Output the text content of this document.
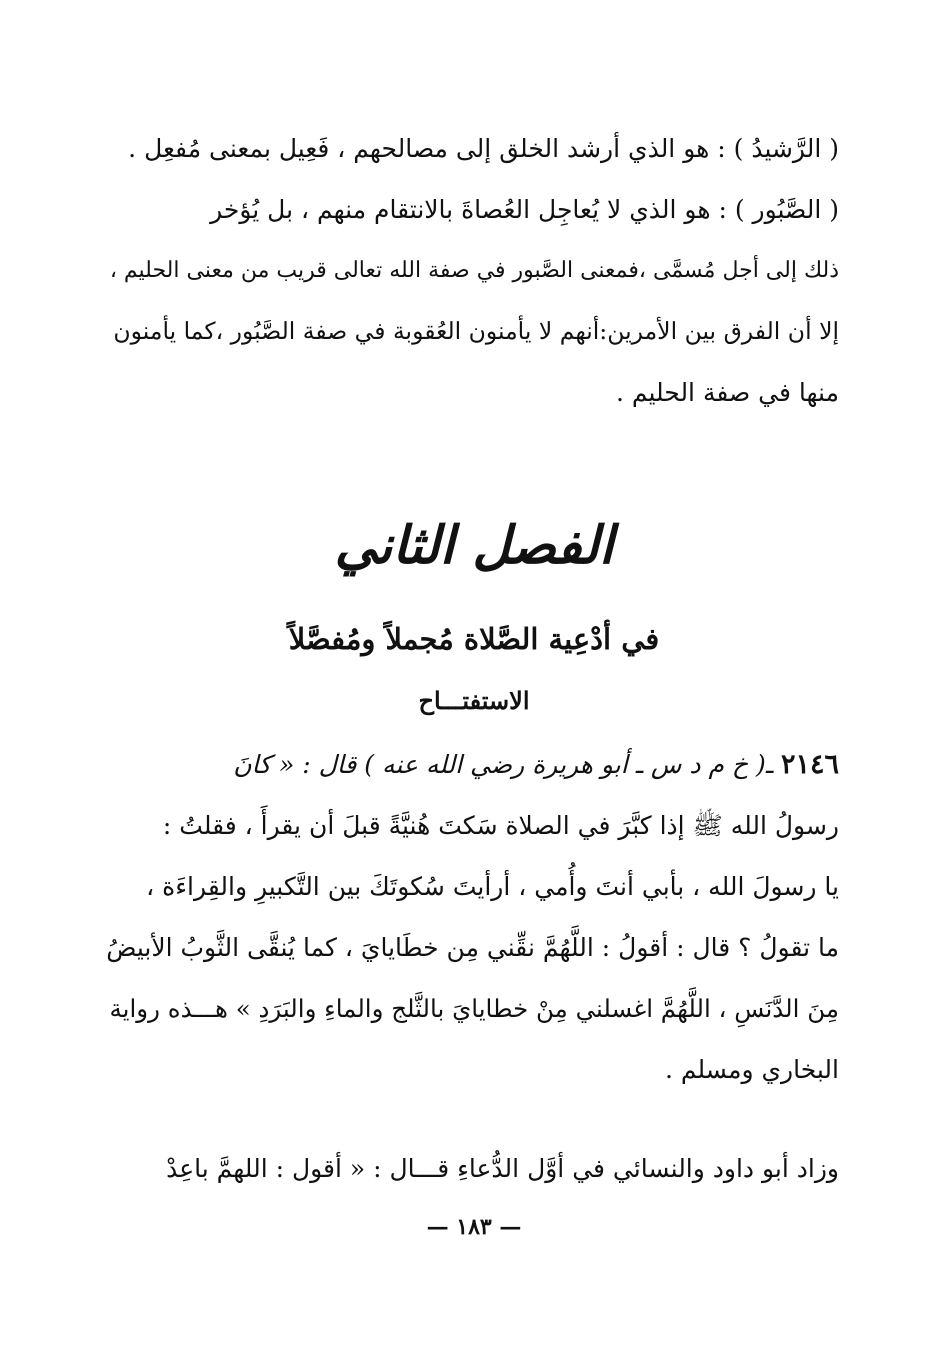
( الرَّشيدُ ) : هو الذي أرشد الخلق إلى مصالحهم ، فَعِيل بمعنى مُفعِل .
( الصَّبُور ) : هو الذي لا يُعاجِل العُصاةَ بالانتقام منهم ، بل يُؤخر
ذلك إلى أجل مُسمَّى ،فمعنى الصَّبور في صفة الله تعالى قريب من معنى الحليم ،
إلا أن الفرق بين الأمرين:أنهم لا يأمنون العُقوبة في صفة الصَّبُور ،كما يأمنون
منها في صفة الحليم .
الفصل الثاني
في أدْعِية الصَّلاة مُجملاً ومُفصَّلاً
الاستفتـــاح
٢١٤٦ ـ( خ م د س ـ أبو هريرة رضي الله عنه ) قال : « كانَ
رسولُ الله ﷺ إذا كبَّرَ في الصلاة سَكتَ هُنيَّةً قبلَ أن يقرأَ ، فقلتُ :
يا رسولَ الله ، بأبي أنتَ وأُمي ، أرأيتَ سُكوتَكَ بين التَّكبيرِ والقِراءَة ،
ما تقولُ ؟ قال : أقولُ : اللَّهُمَّ نقِّني مِن خطَايايَ ، كما يُنقَّى الثَّوبُ الأبيضُ
مِنَ الدَّنَسِ ، اللَّهُمَّ اغسلني مِنْ خطايايَ بالثَّلج والماءِ والبَرَدِ » هـــذه رواية
البخاري ومسلم .
وزاد أبو داود والنسائي في أوَّل الدُّعاءِ قـــال : « أقول : اللهمَّ باعِدْ
— ١٨٣ —
